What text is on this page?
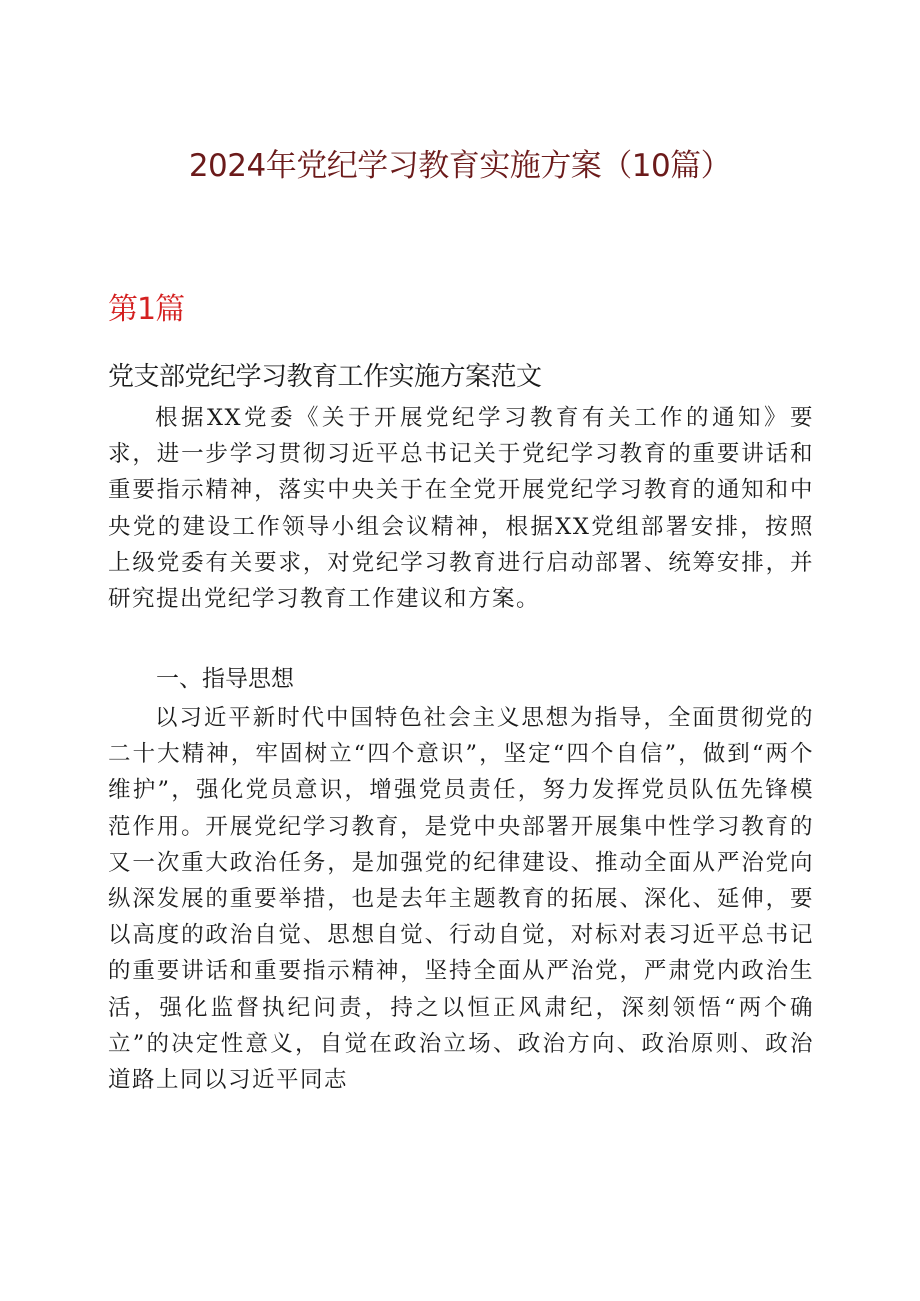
2024年党纪学习教育实施方案（10篇）
第1篇
党支部党纪学习教育工作实施方案范文

根据XX党委《关于开展党纪学习教育有关工作的通知》要求，进一步学习贯彻习近平总书记关于党纪学习教育的重要讲话和重要指示精神，落实中央关于在全党开展党纪学习教育的通知和中央党的建设工作领导小组会议精神，根据XX党组部署安排，按照上级党委有关要求，对党纪学习教育进行启动部署、统筹安排，并研究提出党纪学习教育工作建议和方案。

一、指导思想

以习近平新时代中国特色社会主义思想为指导，全面贯彻党的二十大精神，牢固树立“四个意识”，坚定“四个自信”，做到“两个维护”，强化党员意识，增强党员责任，努力发挥党员队伍先锋模范作用。开展党纪学习教育，是党中央部署开展集中性学习教育的又一次重大政治任务，是加强党的纪律建设、推动全面从严治党向纵深发展的重要举措，也是去年主题教育的拓展、深化、延伸，要以高度的政治自觉、思想自觉、行动自觉，对标对表习近平总书记的重要讲话和重要指示精神，坚持全面从严治党，严肃党内政治生活，强化监督执纪问责，持之以恒正风肃纪，深刻领悟“两个确立”的决定性意义，自觉在政治立场、政治方向、政治原则、政治道路上同以习近平同志
